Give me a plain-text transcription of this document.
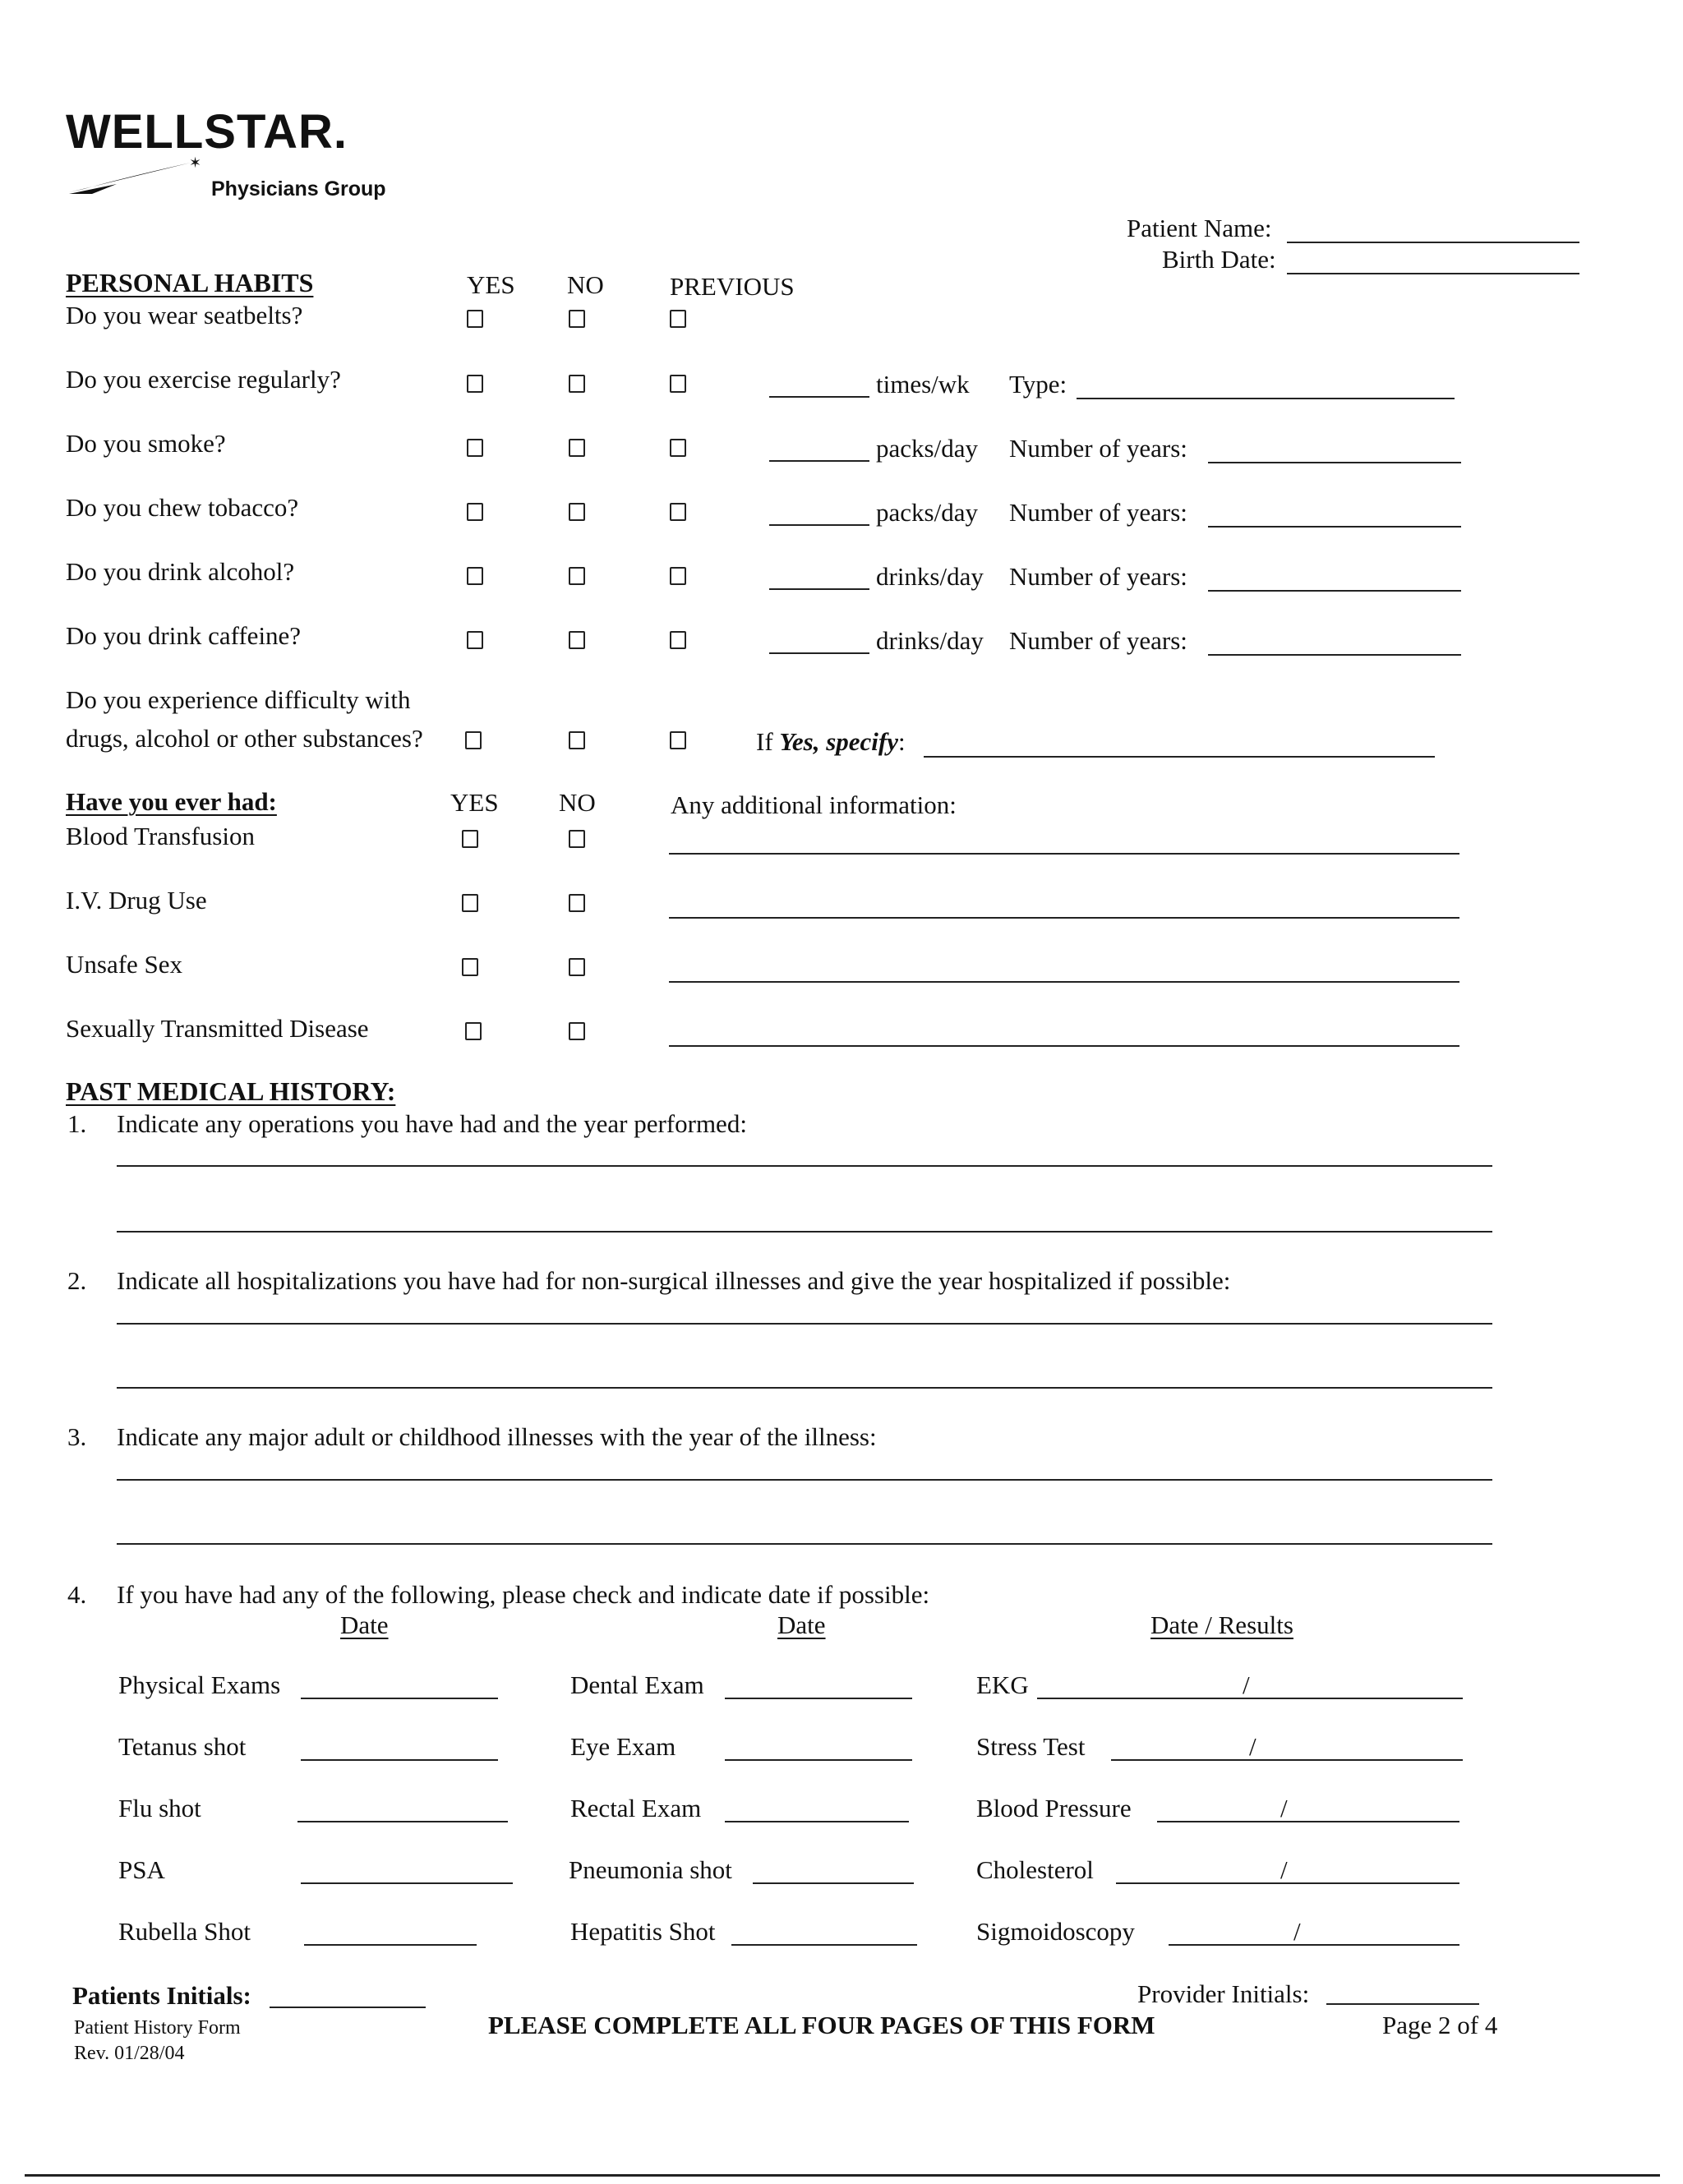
WELLSTAR.
✶
Physicians Group
Patient Name:
Birth Date:
PERSONAL HABITS	YES NO	PREVIOUS
Do you wear seatbelts?
Do you exercise regularly?	times/wk Type:
Do you smoke?	packs/day Number of years:
Do you chew tobacco?	packs/day Number of years:
Do you drink alcohol?	drinks/day Number of years:
Do you drink caffeine?	drinks/day Number of years:
Do you experience difficulty with
drugs, alcohol or other substances?	If Yes, specify:
Have you ever had:	YES NO	Any additional information:
Blood Transfusion
I.V. Drug Use
Unsafe Sex
Sexually Transmitted Disease
PAST MEDICAL HISTORY:
1. Indicate any operations you have had and the year performed:
2. Indicate all hospitalizations you have had for non-surgical illnesses and give the year hospitalized if possible:
3. Indicate any major adult or childhood illnesses with the year of the illness:
4. If you have had any of the following, please check and indicate date if possible:
Date	Date	Date / Results
Physical Exams	Dental Exam	EKG	/
Tetanus shot	Eye Exam	Stress Test	/
Flu shot	Rectal Exam	Blood Pressure	/
PSA	Pneumonia shot	Cholesterol	/
Rubella Shot	Hepatitis Shot	Sigmoidoscopy	/
Patients Initials:	Provider Initials:
Patient History Form
Rev. 01/28/04
PLEASE COMPLETE ALL FOUR PAGES OF THIS FORM	Page 2 of 4
